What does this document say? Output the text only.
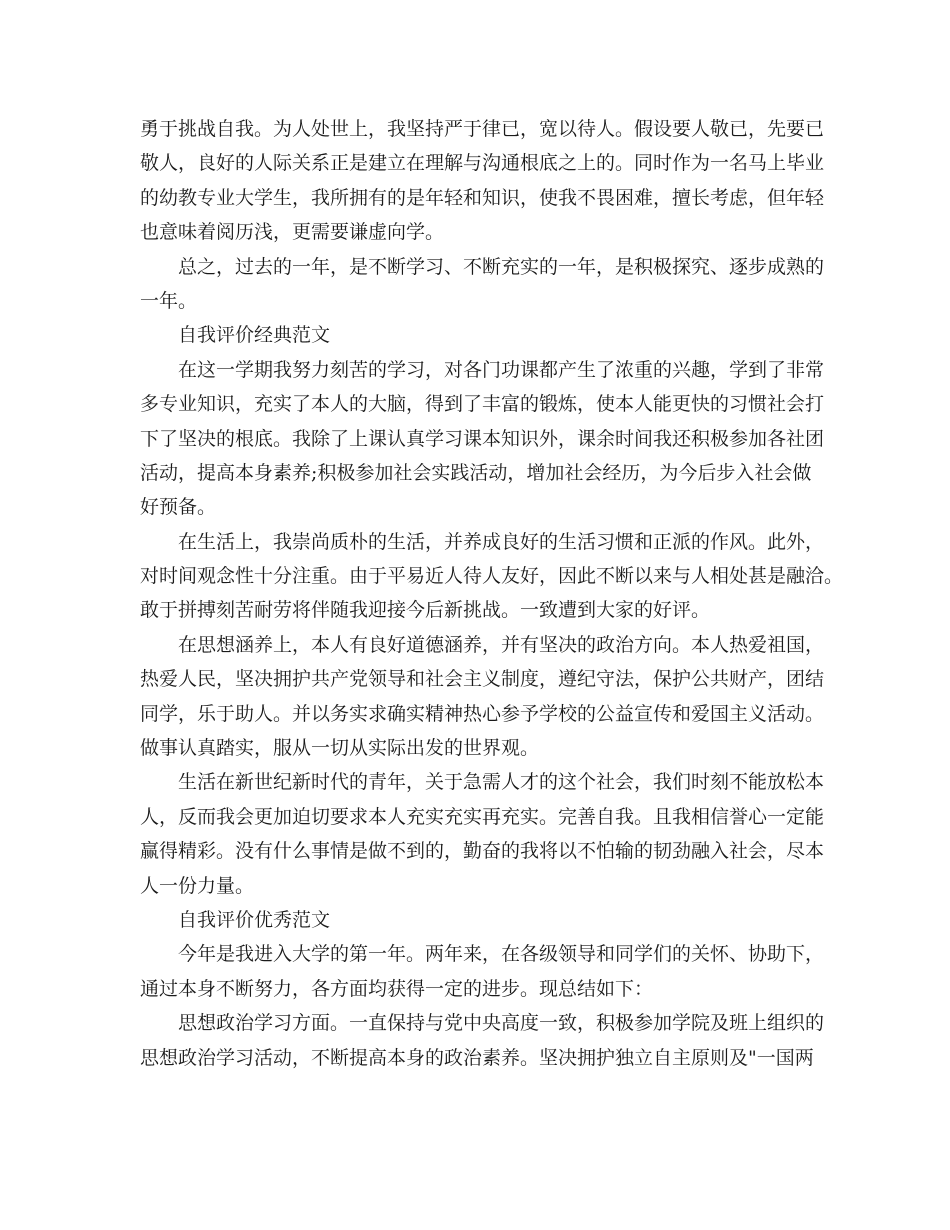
勇于挑战自我。为人处世上，我坚持严于律已，宽以待人。假设要人敬已，先要已
敬人，良好的人际关系正是建立在理解与沟通根底之上的。同时作为一名马上毕业
的幼教专业大学生，我所拥有的是年轻和知识，使我不畏困难，擅长考虑，但年轻
也意味着阅历浅，更需要谦虚向学。
总之，过去的一年，是不断学习、不断充实的一年，是积极探究、逐步成熟的
一年。
自我评价经典范文
在这一学期我努力刻苦的学习，对各门功课都产生了浓重的兴趣，学到了非常
多专业知识，充实了本人的大脑，得到了丰富的锻炼，使本人能更快的习惯社会打
下了坚决的根底。我除了上课认真学习课本知识外，课余时间我还积极参加各社团
活动，提高本身素养;积极参加社会实践活动，增加社会经历，为今后步入社会做
好预备。
在生活上，我崇尚质朴的生活，并养成良好的生活习惯和正派的作风。此外，
对时间观念性十分注重。由于平易近人待人友好，因此不断以来与人相处甚是融洽。
敢于拼搏刻苦耐劳将伴随我迎接今后新挑战。一致遭到大家的好评。
在思想涵养上，本人有良好道德涵养，并有坚决的政治方向。本人热爱祖国，
热爱人民，坚决拥护共产党领导和社会主义制度，遵纪守法，保护公共财产，团结
同学，乐于助人。并以务实求确实精神热心参予学校的公益宣传和爱国主义活动。
做事认真踏实，服从一切从实际出发的世界观。
生活在新世纪新时代的青年，关于急需人才的这个社会，我们时刻不能放松本
人，反而我会更加迫切要求本人充实充实再充实。完善自我。且我相信誉心一定能
赢得精彩。没有什么事情是做不到的，勤奋的我将以不怕输的韧劲融入社会，尽本
人一份力量。
自我评价优秀范文
今年是我进入大学的第一年。两年来，在各级领导和同学们的关怀、协助下，
通过本身不断努力，各方面均获得一定的进步。现总结如下：
思想政治学习方面。一直保持与党中央高度一致，积极参加学院及班上组织的
思想政治学习活动，不断提高本身的政治素养。坚决拥护独立自主原则及"一国两
